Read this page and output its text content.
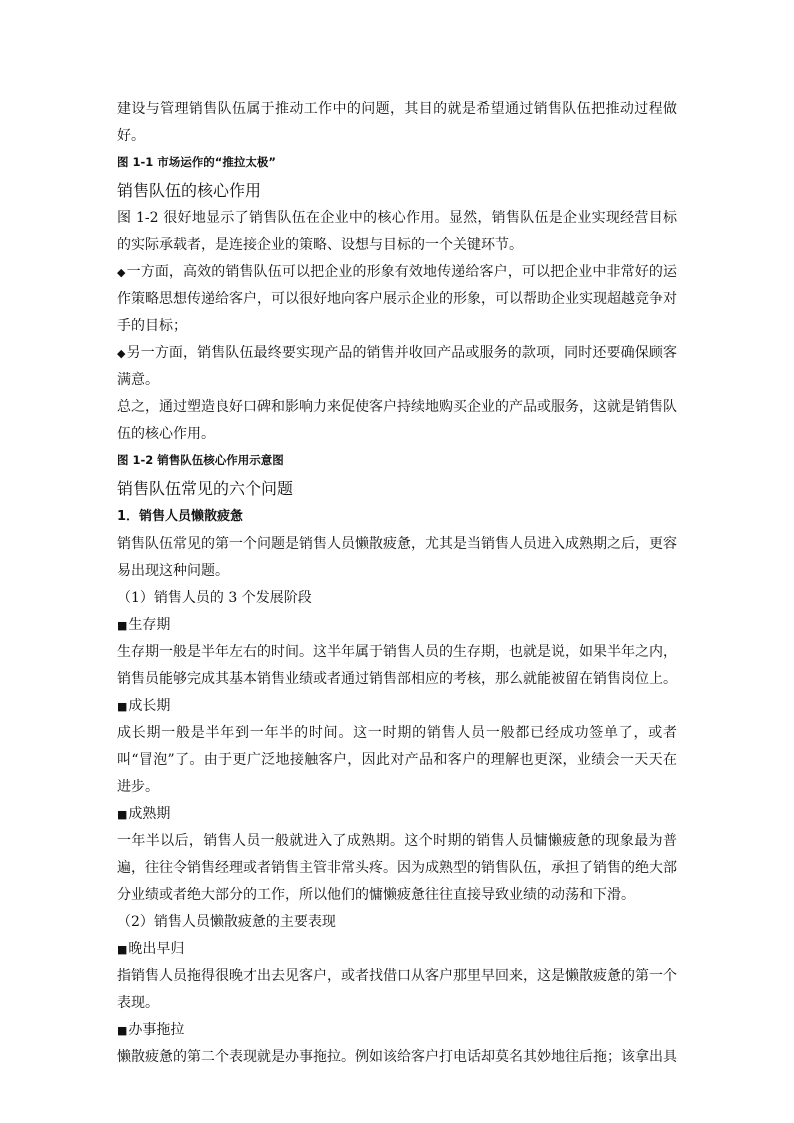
建设与管理销售队伍属于推动工作中的问题，其目的就是希望通过销售队伍把推动过程做好。

图 1-1 市场运作的“推拉太极”

销售队伍的核心作用

图 1-2 很好地显示了销售队伍在企业中的核心作用。显然，销售队伍是企业实现经营目标的实际承载者，是连接企业的策略、设想与目标的一个关键环节。

◆一方面，高效的销售队伍可以把企业的形象有效地传递给客户，可以把企业中非常好的运作策略思想传递给客户，可以很好地向客户展示企业的形象，可以帮助企业实现超越竞争对手的目标；

◆另一方面，销售队伍最终要实现产品的销售并收回产品或服务的款项，同时还要确保顾客满意。

总之，通过塑造良好口碑和影响力来促使客户持续地购买企业的产品或服务，这就是销售队伍的核心作用。

图 1-2 销售队伍核心作用示意图

销售队伍常见的六个问题

1．销售人员懒散疲惫

销售队伍常见的第一个问题是销售人员懒散疲惫，尤其是当销售人员进入成熟期之后，更容易出现这种问题。

（1）销售人员的 3 个发展阶段

■生存期

生存期一般是半年左右的时间。这半年属于销售人员的生存期，也就是说，如果半年之内，销售员能够完成其基本销售业绩或者通过销售部相应的考核，那么就能被留在销售岗位上。

■成长期

成长期一般是半年到一年半的时间。这一时期的销售人员一般都已经成功签单了，或者叫“冒泡”了。由于更广泛地接触客户，因此对产品和客户的理解也更深，业绩会一天天在进步。

■成熟期

一年半以后，销售人员一般就进入了成熟期。这个时期的销售人员慵懒疲惫的现象最为普遍，往往令销售经理或者销售主管非常头疼。因为成熟型的销售队伍，承担了销售的绝大部分业绩或者绝大部分的工作，所以他们的慵懒疲惫往往直接导致业绩的动荡和下滑。

（2）销售人员懒散疲惫的主要表现

■晚出早归

指销售人员拖得很晚才出去见客户，或者找借口从客户那里早回来，这是懒散疲惫的第一个表现。

■办事拖拉

懒散疲惫的第二个表现就是办事拖拉。例如该给客户打电话却莫名其妙地往后拖；该拿出具
